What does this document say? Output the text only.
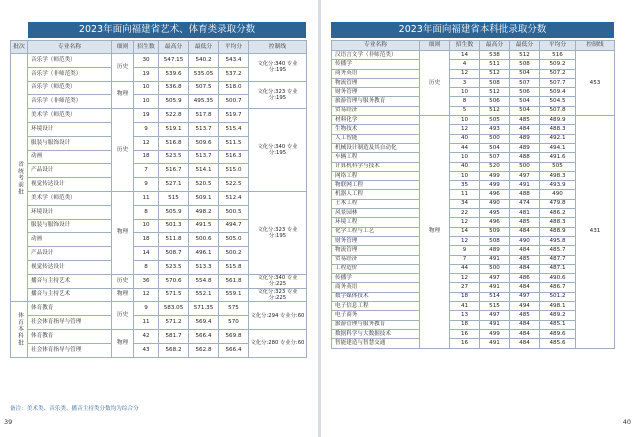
2023年面向福建省艺术、体育类录取分数
批次	专业名称	细则	招生数	最高分	最低分	平均分	控制线
省统考前批	音乐学（师范类）	历史	30	547.15	540.2	543.4	文化分:340 专业分:195
	音乐学（非师范类）		19	539.6	535.05	537.2	
	音乐学（师范类）	物理	10	536.8	507.5	518.0	文化分:323 专业分:195
	音乐学（非师范类）		10	505.9	495.35	500.7	
	美术学（师范类）	历史	19	522.8	517.8	519.7	文化分:340 专业分:195
	环境设计		9	519.1	513.7	515.4	
	服装与服饰设计		12	516.8	509.6	511.5	
	动画		18	523.5	513.7	516.3	
	产品设计		7	516.7	514.1	515.0	
	视觉传达设计		9	527.1	520.5	522.5	
	美术学（师范类）	物理	11	515	509.1	512.4	文化分:323 专业分:195
	环境设计		8	505.9	498.2	500.5	
	服装与服饰设计		10	501.3	491.5	494.7	
	动画		18	511.8	500.6	505.0	
	产品设计		14	508.7	496.1	500.2	
	视觉传达设计		8	523.5	513.3	515.8	
	播音与主持艺术	历史	36	570.6	554.8	561.8	文化分:340 专业分:225
	播音与主持艺术	物理	12	571.5	552.1	559.1	文化分:323 专业分:225
体育本科批	体育教育	历史	9	583.05	571.35	575	文化分:294 专业分:60
	社会体育指导与管理		11	571.2	569.4	570	
	体育教育	物理	42	581.7	566.4	569.8	文化分:280 专业分:60
	社会体育指导与管理		43	568.2	562.8	566.4	
备注：美术类、音乐类、播音主持类分数均为综合分
39
2023年面向福建省本科批录取分数
专业名称	细则	招生数	最高分	最低分	平均分	控制线
汉语言文学（非师范类）	历史	14	538	512	516	453
传播学		4	511	508	509.2	
商务英语		12	512	504	507.2	
物流管理		3	508	507	507.7	
财务管理		10	512	506	509.4	
旅游管理与服务教育		8	506	504	504.5	
贸易经济		5	512	504	507.8	
材料化学	物理	10	505	485	489.9	431
生物技术		12	493	484	488.3	
人工智能		40	500	489	492.1	
机械设计制造及其自动化		44	504	489	494.1	
车辆工程		10	507	488	491.6	
计算机科学与技术		40	520	500	505	
网络工程		10	499	497	498.3	
物联网工程		35	499	491	493.9	
机器人工程		11	496	488	490	
土木工程		34	490	474	479.8	
风景园林		22	495	481	486.2	
环境工程		12	496	485	488.3	
化学工程与工艺		14	509	484	488.9	
财务管理		12	508	490	495.8	
物流管理		9	489	484	485.7	
贸易经济		7	491	485	487.7	
工程造价		44	500	484	487.1	
传播学		12	497	486	490.6	
商务英语		27	491	484	486.7	
数字媒体技术		18	514	497	501.2	
电子信息工程		41	515	494	498.1	
电子商务		13	497	485	489.2	
旅游管理与服务教育		18	491	484	485.1	
数据科学与大数据技术		16	499	484	489.6	
智能建造与智慧交通		16	491	484	485.6	
40
